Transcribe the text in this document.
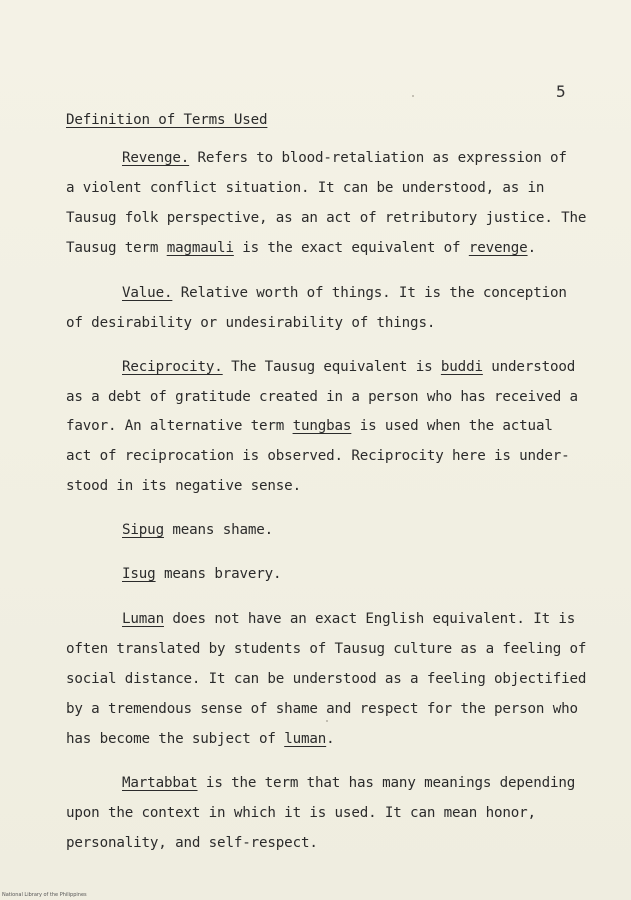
5
Definition of Terms Used
Revenge. Refers to blood-retaliation as expression of
a violent conflict situation. It can be understood, as in
Tausug folk perspective, as an act of retributory justice. The
Tausug term magmauli is the exact equivalent of revenge.
Value. Relative worth of things. It is the conception
of desirability or undesirability of things.
Reciprocity. The Tausug equivalent is buddi understood
as a debt of gratitude created in a person who has received a
favor. An alternative term tungbas is used when the actual
act of reciprocation is observed. Reciprocity here is under-
stood in its negative sense.
Sipug means shame.
Isug means bravery.
Luman does not have an exact English equivalent. It is
often translated by students of Tausug culture as a feeling of
social distance. It can be understood as a feeling objectified
by a tremendous sense of shame and respect for the person who
has become the subject of luman.
Martabbat is the term that has many meanings depending
upon the context in which it is used. It can mean honor,
personality, and self-respect.
National Library of the Philippines
